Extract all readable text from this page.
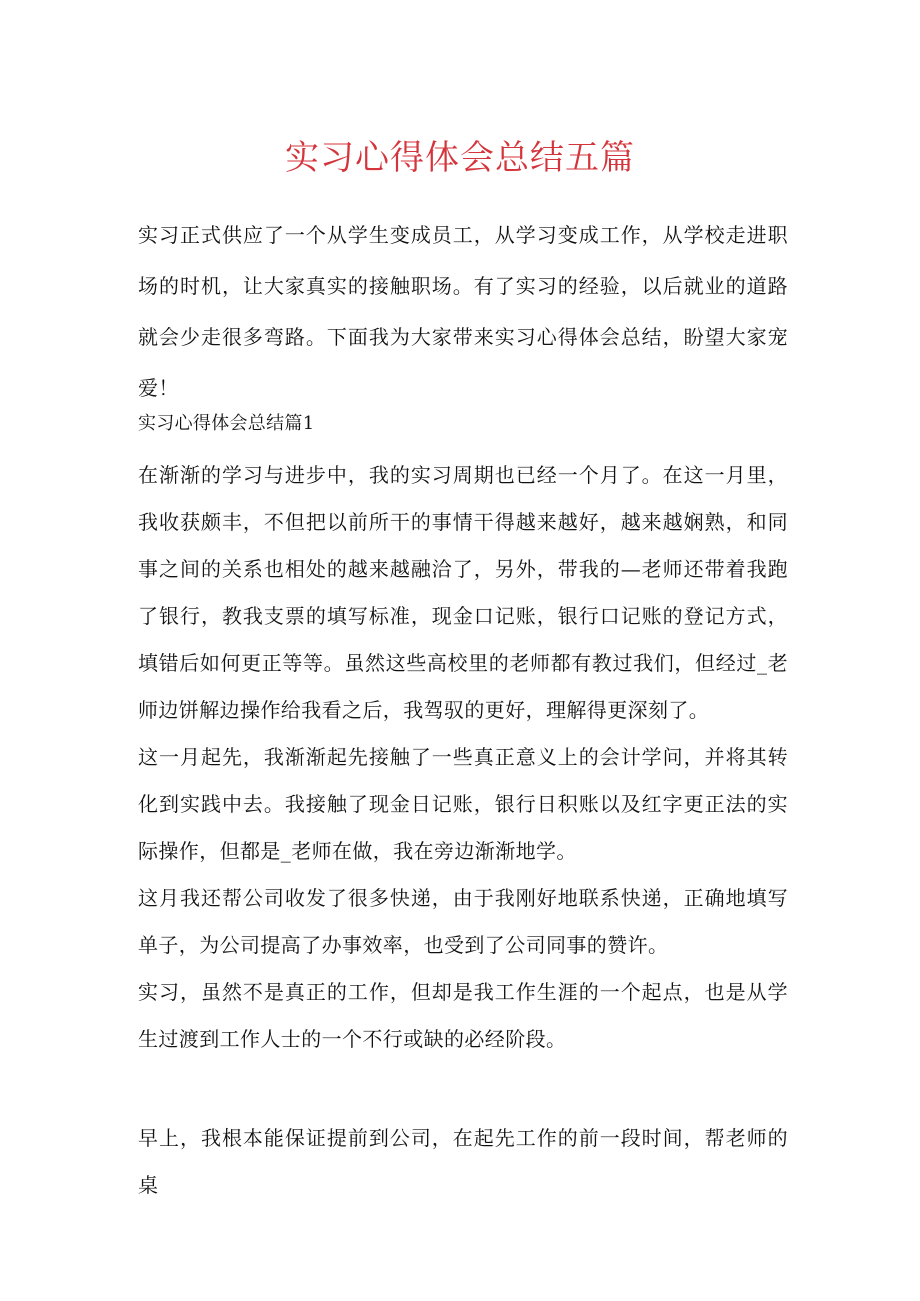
实习心得体会总结五篇

实习正式供应了一个从学生变成员工，从学习变成工作，从学校走进职场的时机，让大家真实的接触职场。有了实习的经验，以后就业的道路就会少走很多弯路。下面我为大家带来实习心得体会总结，盼望大家宠爱！

实习心得体会总结篇1

在渐渐的学习与进步中，我的实习周期也已经一个月了。在这一月里，我收获颇丰，不但把以前所干的事情干得越来越好，越来越娴熟，和同事之间的关系也相处的越来越融洽了，另外，带我的—老师还带着我跑了银行，教我支票的填写标准，现金口记账，银行口记账的登记方式，填错后如何更正等等。虽然这些高校里的老师都有教过我们，但经过_老师边饼解边操作给我看之后，我驾驭的更好，理解得更深刻了。

这一月起先，我渐渐起先接触了一些真正意义上的会计学问，并将其转化到实践中去。我接触了现金日记账，银行日积账以及红字更正法的实际操作，但都是_老师在做，我在旁边渐渐地学。

这月我还帮公司收发了很多快递，由于我刚好地联系快递，正确地填写单子，为公司提高了办事效率，也受到了公司同事的赞许。

实习，虽然不是真正的工作，但却是我工作生涯的一个起点，也是从学生过渡到工作人士的一个不行或缺的必经阶段。

早上，我根本能保证提前到公司，在起先工作的前一段时间，帮老师的桌
